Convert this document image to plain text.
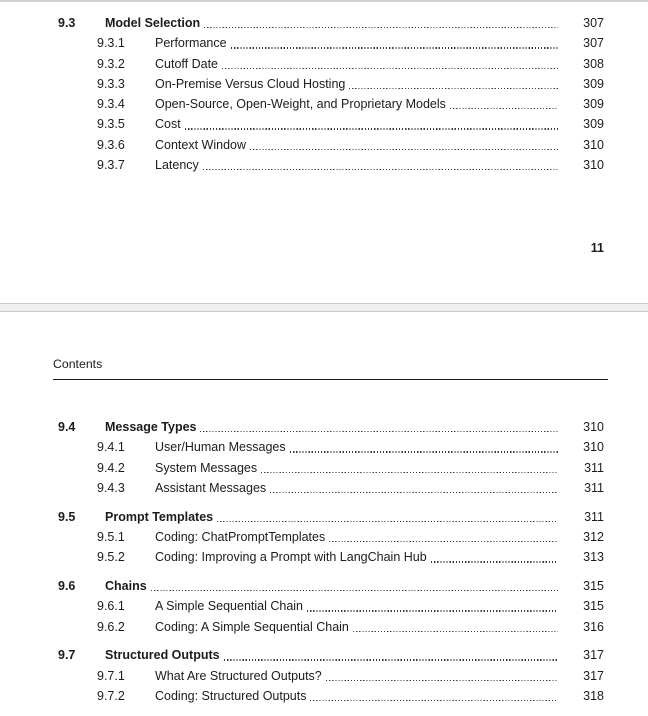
9.3	Model Selection	307
9.3.1	Performance	307
9.3.2	Cutoff Date	308
9.3.3	On-Premise Versus Cloud Hosting	309
9.3.4	Open-Source, Open-Weight, and Proprietary Models	309
9.3.5	Cost	309
9.3.6	Context Window	310
9.3.7	Latency	310
11
Contents
9.4	Message Types	310
9.4.1	User/Human Messages	310
9.4.2	System Messages	311
9.4.3	Assistant Messages	311
9.5	Prompt Templates	311
9.5.1	Coding: ChatPromptTemplates	312
9.5.2	Coding: Improving a Prompt with LangChain Hub	313
9.6	Chains	315
9.6.1	A Simple Sequential Chain	315
9.6.2	Coding: A Simple Sequential Chain	316
9.7	Structured Outputs	317
9.7.1	What Are Structured Outputs?	317
9.7.2	Coding: Structured Outputs	318
